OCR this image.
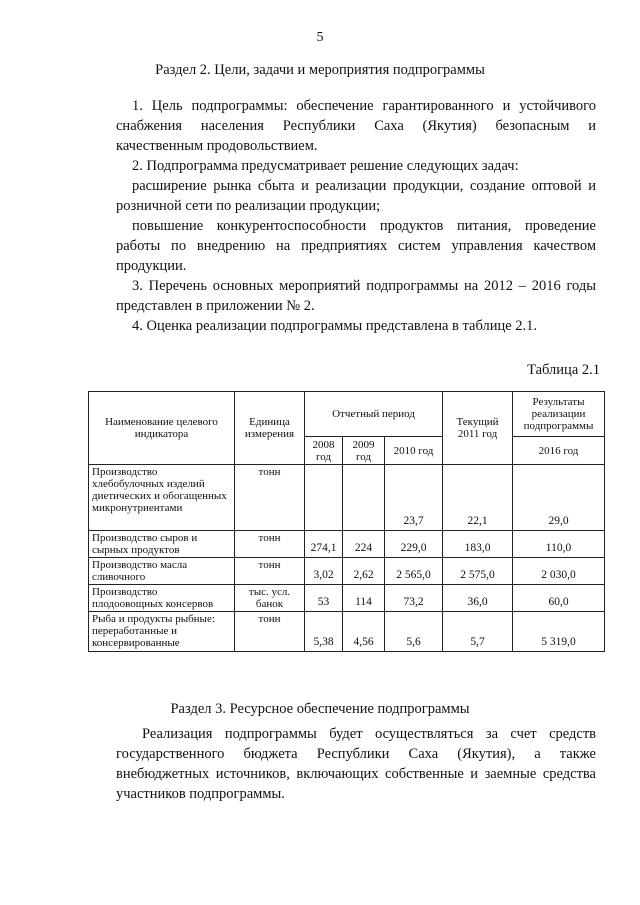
5
Раздел 2. Цели, задачи и мероприятия подпрограммы

1. Цель подпрограммы: обеспечение гарантированного и устойчивого снабжения населения Республики Саха (Якутия) безопасным и качественным продовольствием.

2. Подпрограмма предусматривает решение следующих задач:

расширение рынка сбыта и реализации продукции, создание оптовой и розничной сети по реализации продукции;

повышение конкурентоспособности продуктов питания, проведение работы по внедрению на предприятиях систем управления качеством продукции.

3. Перечень основных мероприятий подпрограммы на 2012 – 2016 годы представлен в приложении № 2.

4. Оценка реализации подпрограммы представлена в таблице 2.1.

Таблица 2.1
Наименование целевого индикатора	Единица измерения	Отчетный период			Текущий 2011 год	Результаты реализации подпрограммы
		2008 год	2009 год	2010 год		2016 год
Производство хлебобулочных изделий диетических и обогащенных микронутриентами	тонн			23,7	22,1	29,0
Производство сыров и сырных продуктов	тонн	274,1	224	229,0	183,0	110,0
Производство масла сливочного	тонн	3,02	2,62	2 565,0	2 575,0	2 030,0
Производство плодоовощных консервов	тыс. усл. банок	53	114	73,2	36,0	60,0
Рыба и продукты рыбные: переработанные и консервированные	тонн	5,38	4,56	5,6	5,7	5 319,0
Раздел 3. Ресурсное обеспечение подпрограммы

Реализация подпрограммы будет осуществляться за счет средств государственного бюджета Республики Саха (Якутия), а также внебюджетных источников, включающих собственные и заемные средства участников подпрограммы.
